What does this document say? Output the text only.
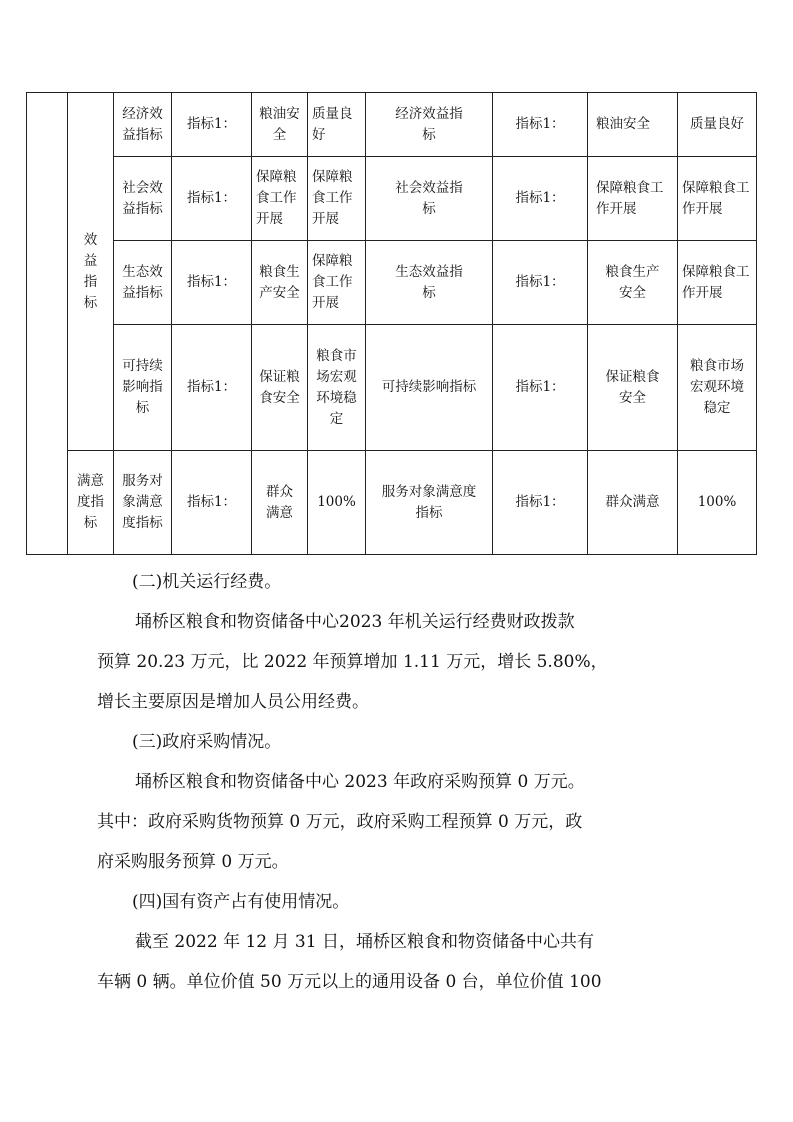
	效益指标	经济效益指标	指标1：	粮油安全	质量良好	经济效益指标	指标1：	粮油安全	质量良好
		社会效益指标	指标1：	保障粮食工作开展	保障粮食工作开展	社会效益指标	指标1：	保障粮食工作开展	保障粮食工作开展
		生态效益指标	指标1：	粮食生产安全	保障粮食工作开展	生态效益指标	指标1：	粮食生产安全	保障粮食工作开展
		可持续影响指标	指标1：	保证粮食安全	粮食市场宏观环境稳定	可持续影响指标	指标1：	保证粮食安全	粮食市场宏观环境稳定
	满意度指标	服务对象满意度指标	指标1：	群众满意	100%	服务对象满意度指标	指标1：	群众满意	100%
(二)机关运行经费。
埇桥区粮食和物资储备中心2023 年机关运行经费财政拨款
预算 20.23 万元，比 2022 年预算增加 1.11 万元，增长 5.80%，
增长主要原因是增加人员公用经费。
(三)政府采购情况。
埇桥区粮食和物资储备中心 2023 年政府采购预算 0 万元。
其中：政府采购货物预算 0 万元，政府采购工程预算 0 万元，政
府采购服务预算 0 万元。
(四)国有资产占有使用情况。
截至 2022 年 12 月 31 日，埇桥区粮食和物资储备中心共有
车辆 0 辆。单位价值 50 万元以上的通用设备 0 台，单位价值 100
